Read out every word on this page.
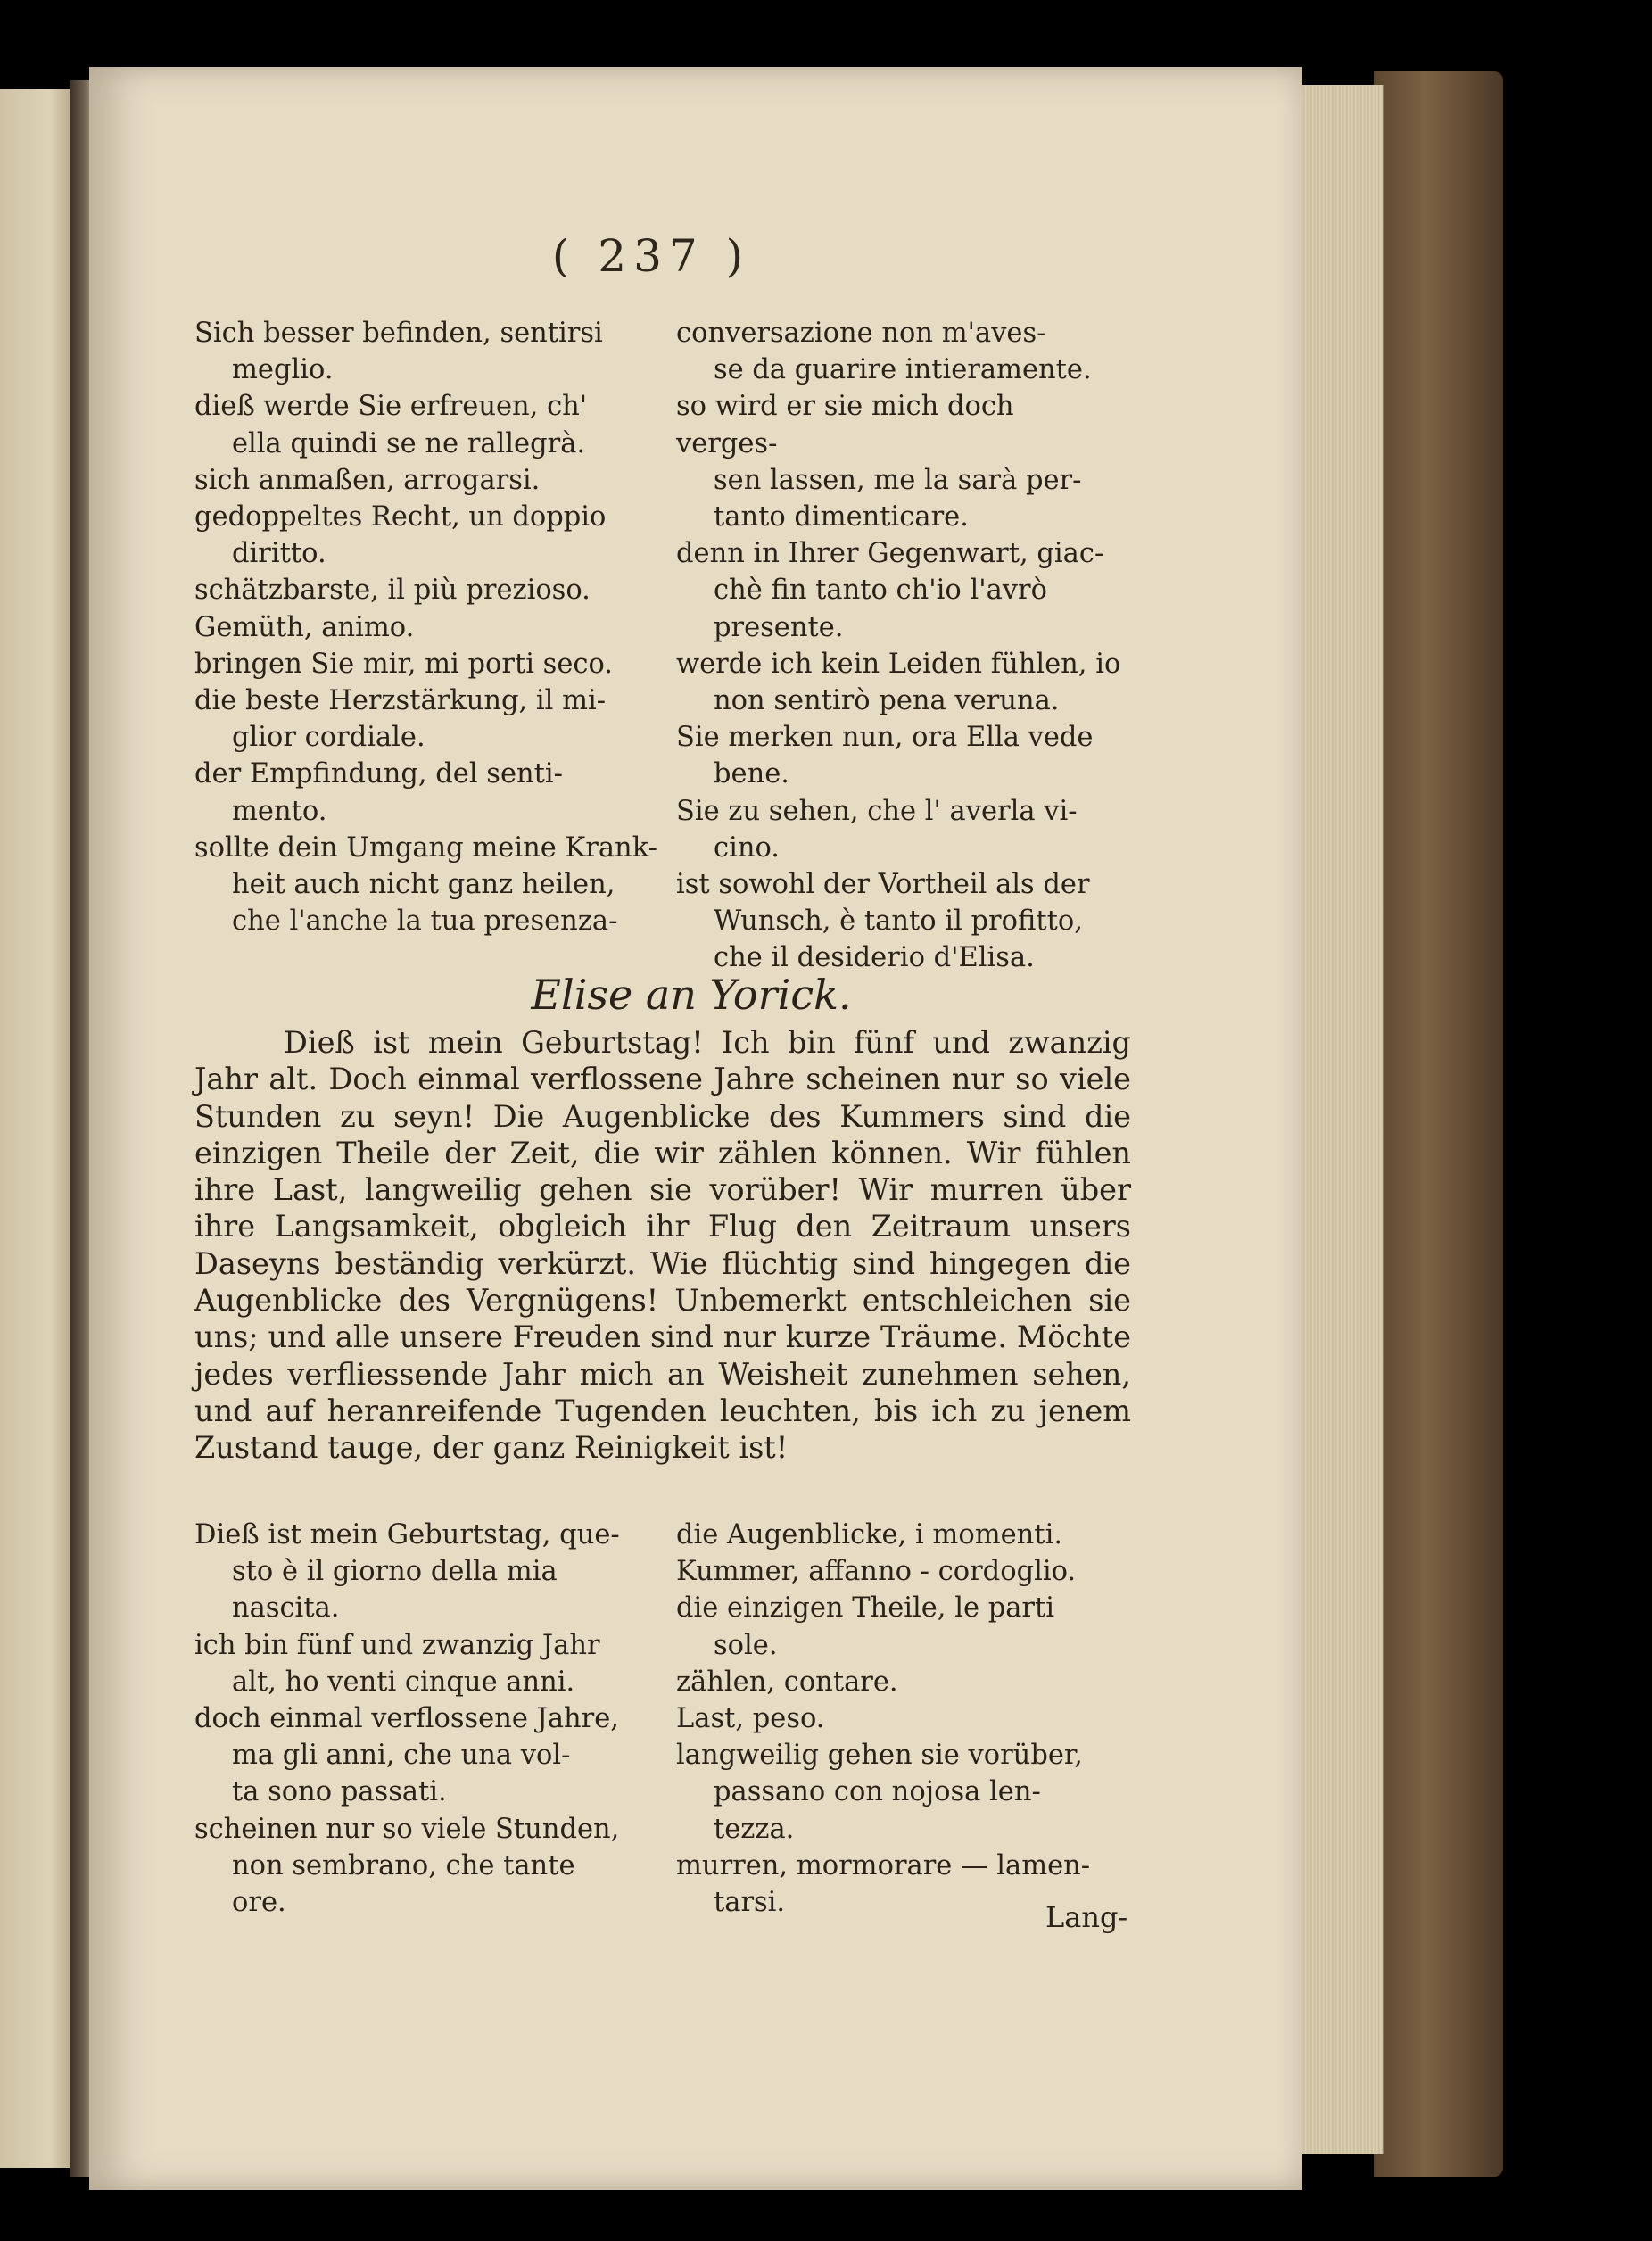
( 237 )
Sich besser befinden, sentirsi
meglio.
dieß werde Sie erfreuen, ch'
ella quindi se ne rallegrà.
sich anmaßen, arrogarsi.
gedoppeltes Recht, un doppio
diritto.
schätzbarste, il più prezioso.
Gemüth, animo.
bringen Sie mir, mi porti seco.
die beste Herzstärkung, il mi-
glior cordiale.
der Empfindung, del senti-
mento.
sollte dein Umgang meine Krank-
heit auch nicht ganz heilen,
che l'anche la tua presenza-
conversazione non m'aves-
se da guarire intieramente.
so wird er sie mich doch verges-
sen lassen, me la sarà per-
tanto dimenticare.
denn in Ihrer Gegenwart, giac-
chè fin tanto ch'io l'avrò
presente.
werde ich kein Leiden fühlen, io
non sentirò pena veruna.
Sie merken nun, ora Ella vede
bene.
Sie zu sehen, che l' averla vi-
cino.
ist sowohl der Vortheil als der
Wunsch, è tanto il profitto,
che il desiderio d'Elisa.
Elise an Yorick.
Dieß ist mein Geburtstag! Ich bin fünf und zwanzig Jahr alt. Doch einmal verflossene Jahre scheinen nur so viele Stunden zu seyn! Die Augenblicke des Kummers sind die einzigen Theile der Zeit, die wir zählen können. Wir fühlen ihre Last, langweilig gehen sie vorüber! Wir murren über ihre Langsamkeit, obgleich ihr Flug den Zeitraum unsers Daseyns beständig verkürzt. Wie flüchtig sind hingegen die Augenblicke des Vergnügens! Unbemerkt entschleichen sie uns; und alle unsere Freuden sind nur kurze Träume. Möchte jedes verfliessende Jahr mich an Weisheit zunehmen sehen, und auf heranreifende Tugenden leuchten, bis ich zu jenem Zustand tauge, der ganz Reinigkeit ist!
Dieß ist mein Geburtstag, que-
sto è il giorno della mia
nascita.
ich bin fünf und zwanzig Jahr
alt, ho venti cinque anni.
doch einmal verflossene Jahre,
ma gli anni, che una vol-
ta sono passati.
scheinen nur so viele Stunden,
non sembrano, che tante
ore.
die Augenblicke, i momenti.
Kummer, affanno - cordoglio.
die einzigen Theile, le parti
sole.
zählen, contare.
Last, peso.
langweilig gehen sie vorüber,
passano con nojosa len-
tezza.
murren, mormorare — lamen-
tarsi.	Lang-
